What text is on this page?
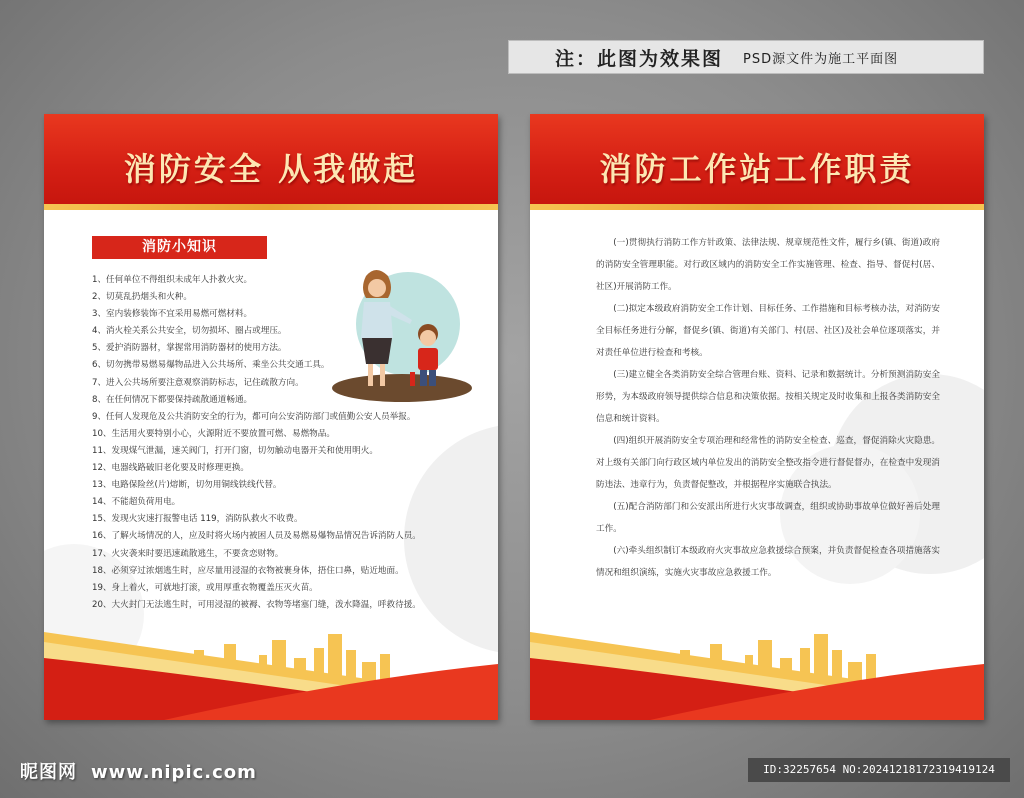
注：此图为效果图 PSD源文件为施工平面图
消防安全 从我做起
消防小知识
1、任何单位不得组织未成年人扑救火灾。
2、切莫乱扔烟头和火种。
3、室内装修装饰不宜采用易燃可燃材料。
4、消火栓关系公共安全，切勿损坏、圈占或埋压。
5、爱护消防器材，掌握常用消防器材的使用方法。
6、切勿携带易燃易爆物品进入公共场所、乘坐公共交通工具。
7、进入公共场所要注意观察消防标志，记住疏散方向。
8、在任何情况下都要保持疏散通道畅通。
9、任何人发现危及公共消防安全的行为，都可向公安消防部门或值勤公安人员举报。
10、生活用火要特别小心，火源附近不要放置可燃、易燃物品。
11、发现煤气泄漏，速关阀门，打开门窗，切勿触动电器开关和使用明火。
12、电器线路破旧老化要及时修理更换。
13、电路保险丝(片)熔断，切勿用铜线铁线代替。
14、不能超负荷用电。
15、发现火灾速打报警电话 119，消防队救火不收费。
16、了解火场情况的人，应及时将火场内被困人员及易燃易爆物品情况告诉消防人员。
17、火灾袭来时要迅速疏散逃生，不要贪恋财物。
18、必须穿过浓烟逃生时，应尽量用浸湿的衣物被裹身体，捂住口鼻，贴近地面。
19、身上着火，可就地打滚，或用厚重衣物覆盖压灭火苗。
20、大火封门无法逃生时，可用浸湿的被褥、衣物等堵塞门缝，泼水降温，呼救待援。
消防工作站工作职责

(一)贯彻执行消防工作方针政策、法律法规、规章规范性文件，履行乡(镇、街道)政府的消防安全管理职能。对行政区域内的消防安全工作实施管理、检查、指导、督促村(居、社区)开展消防工作。

(二)拟定本级政府消防安全工作计划、目标任务、工作措施和目标考核办法，对消防安全目标任务进行分解，督促乡(镇、街道)有关部门、村(居、社区)及社会单位逐项落实，并对责任单位进行检查和考核。

(三)建立健全各类消防安全综合管理台账、资料、记录和数据统计。分析预测消防安全形势，为本级政府领导提供综合信息和决策依据。按相关规定及时收集和上报各类消防安全信息和统计资料。

(四)组织开展消防安全专项治理和经常性的消防安全检查、巡查，督促消除火灾隐患。对上级有关部门向行政区域内单位发出的消防安全整改指令进行督促督办，在检查中发现消防违法、违章行为，负责督促整改，并根据程序实施联合执法。

(五)配合消防部门和公安派出所进行火灾事故调查，组织或协助事故单位做好善后处理工作。

(六)牵头组织制订本级政府火灾事故应急救援综合预案，并负责督促检查各项措施落实情况和组织演练，实施火灾事故应急救援工作。

昵图网 www.nipic.com	ID:32257654 NO:20241218172319419124
